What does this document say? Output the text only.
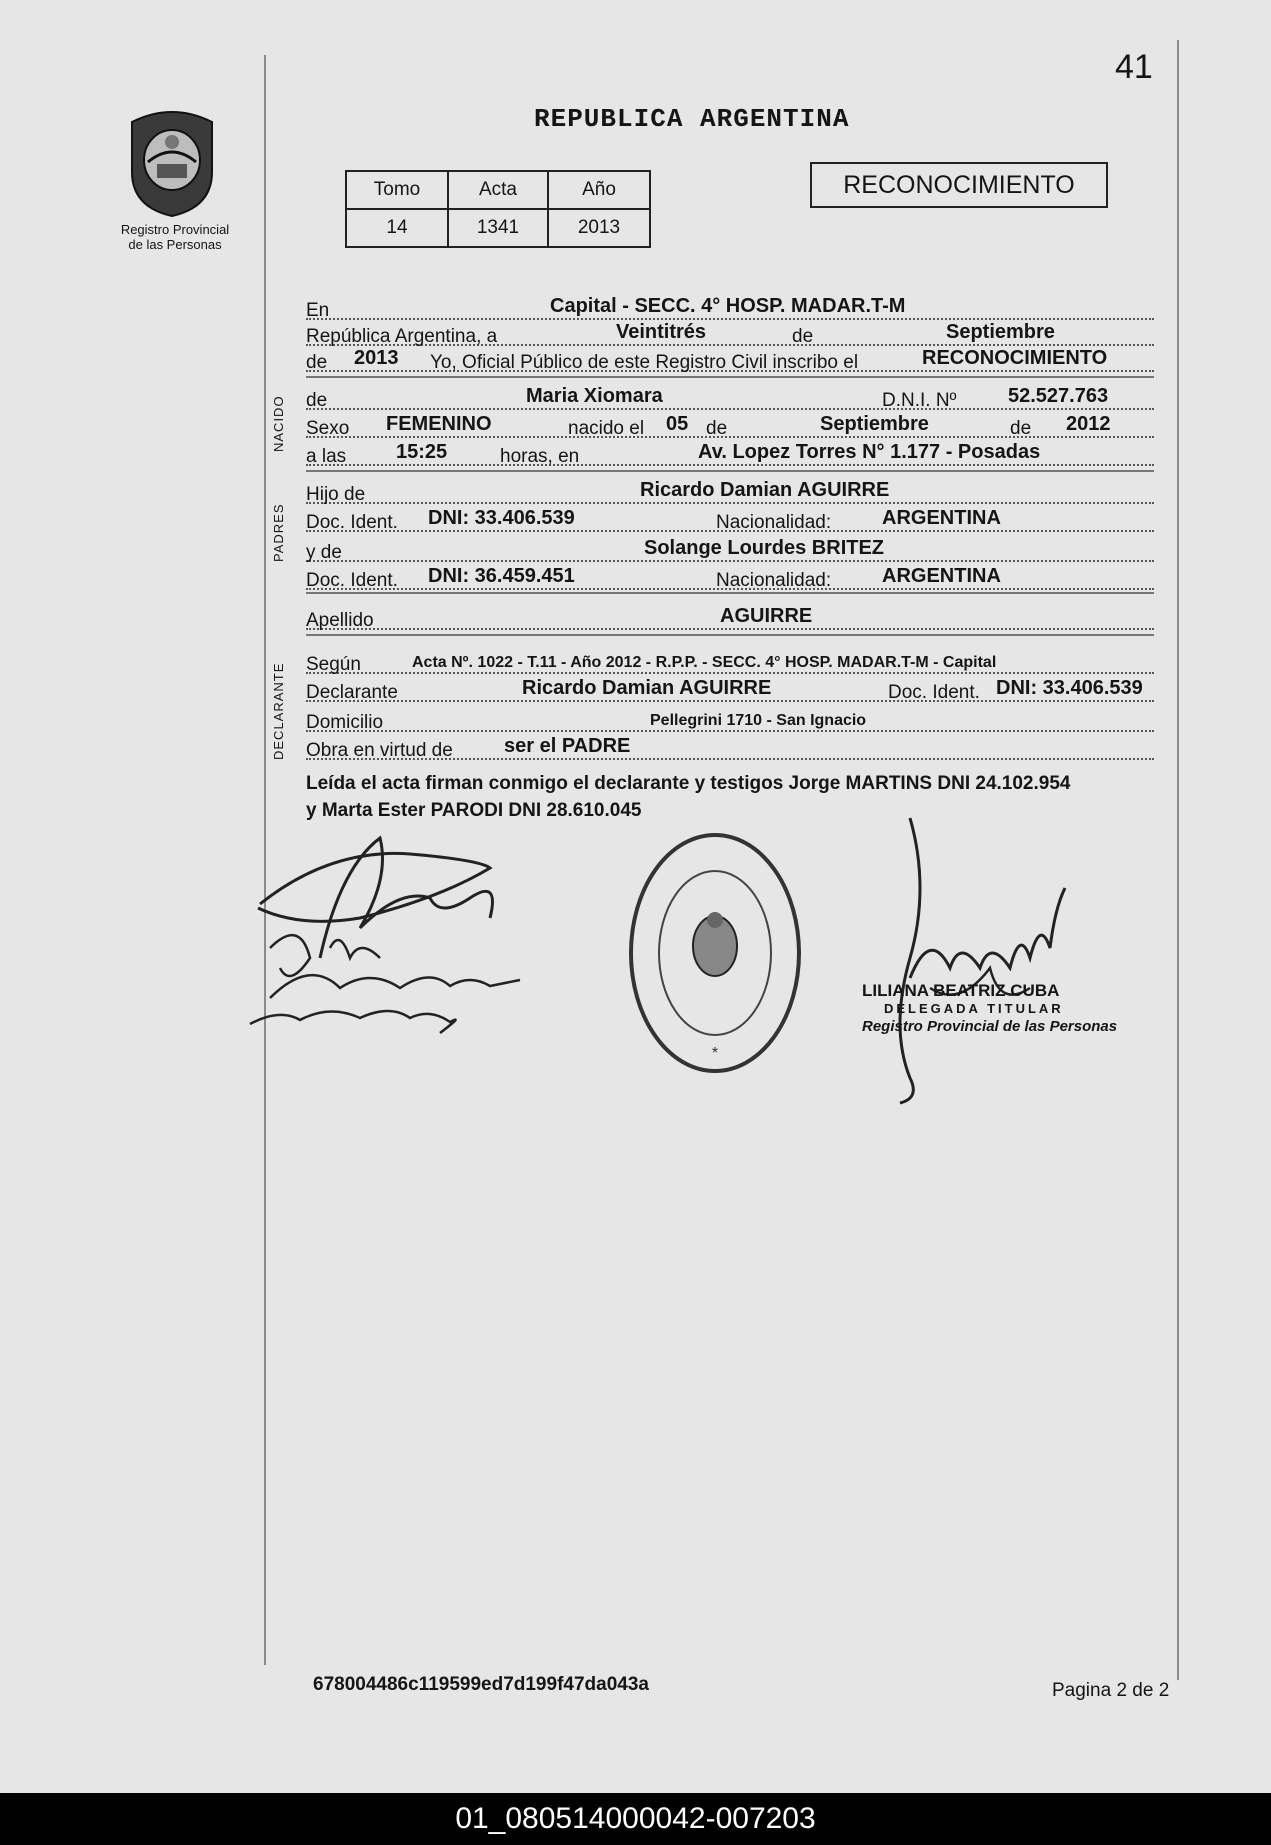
41
REPUBLICA ARGENTINA
Registro Provincial
de las Personas
Tomo	Acta	Año
14	1341	2013
RECONOCIMIENTO
En	Capital - SECC. 4° HOSP. MADAR.T-M
República Argentina, a	Veintitrés	de	Septiembre
de 2013 Yo, Oficial Público de este Registro Civil inscribo el	RECONOCIMIENTO
NACIDO de	Maria Xiomara	D.N.I. Nº	52.527.763
Sexo FEMENINO	nacido el 05 de	Septiembre	de 2012
a las 15:25	horas, en	Av. Lopez Torres N° 1.177 - Posadas
PADRES
Hijo de	Ricardo Damian AGUIRRE
Doc. Ident. DNI: 33.406.539	Nacionalidad:	ARGENTINA
y de	Solange Lourdes BRITEZ
Doc. Ident. DNI: 36.459.451	Nacionalidad:	ARGENTINA
Apellido	AGUIRRE
DECLARANTE Según	Acta Nº. 1022 - T.11 - Año 2012 - R.P.P. - SECC. 4° HOSP. MADAR.T-M - Capital
Declarante	Ricardo Damian AGUIRRE	Doc. Ident. DNI: 33.406.539
Domicilio	Pellegrini 1710 - San Ignacio
Obra en virtud de	ser el PADRE
Leída el acta firman conmigo el declarante y testigos Jorge MARTINS DNI 24.102.954
y Marta Ester PARODI DNI 28.610.045
*
LILIANA BEATRIZ CUBA
DELEGADA TITULAR
Registro Provincial de las Personas
678004486c119599ed7d199f47da043a	Pagina 2 de 2
01_080514000042-007203
